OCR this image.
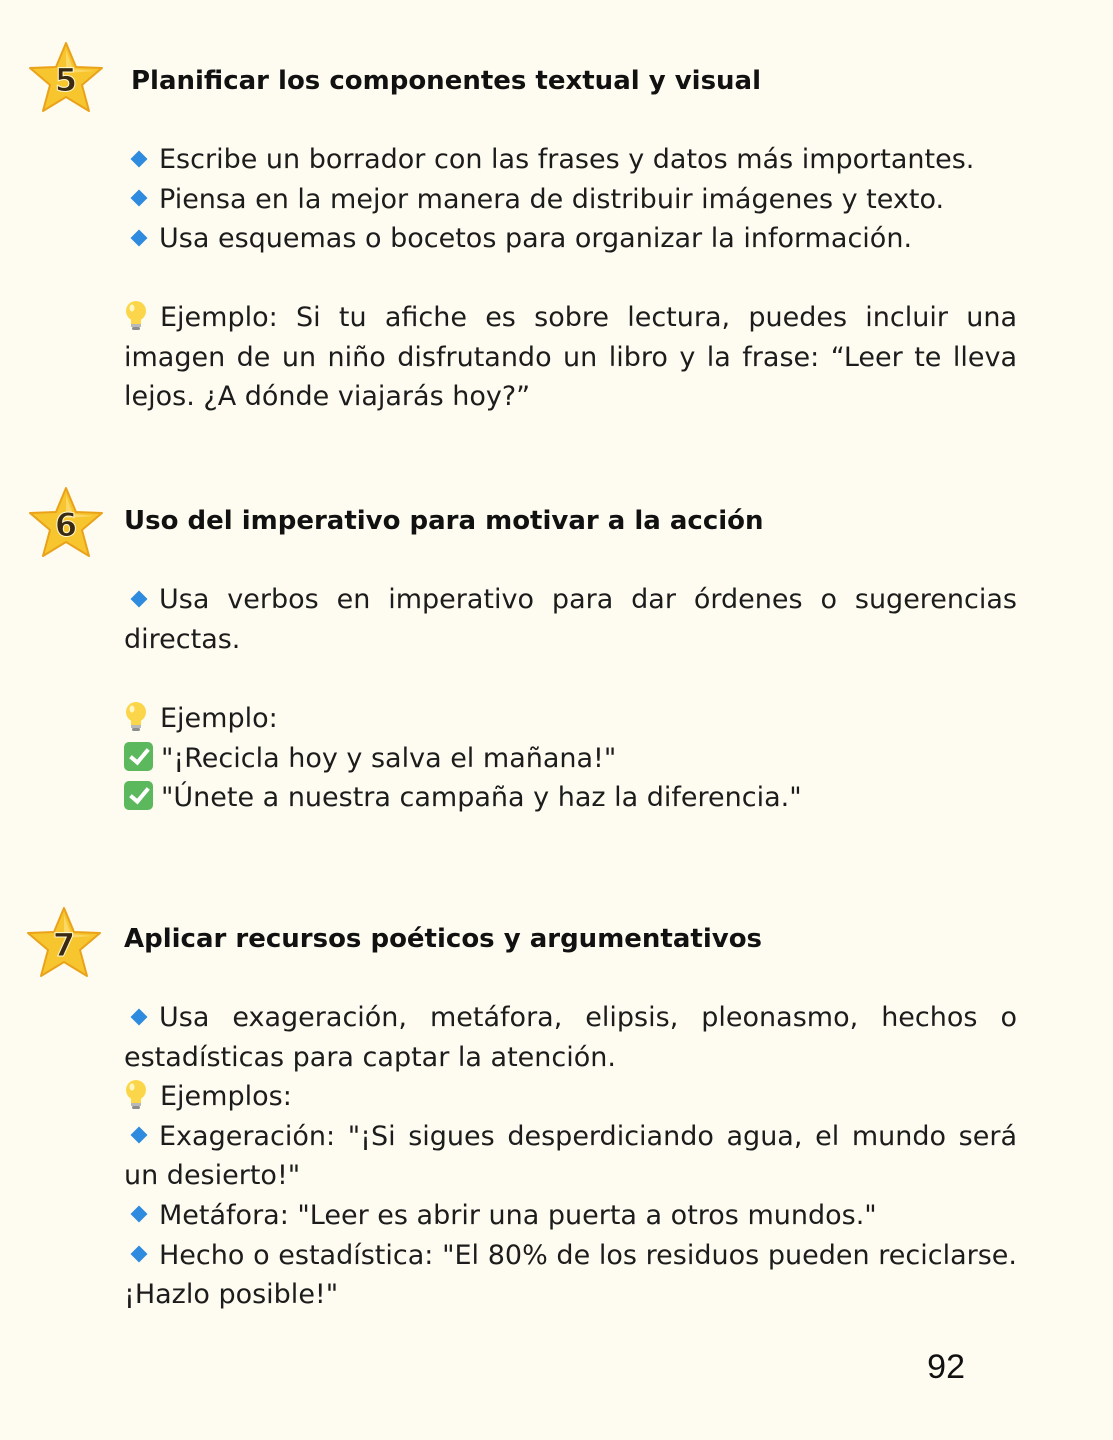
5 Planificar los componentes textual y visual

Escribe un borrador con las frases y datos más importantes.

Piensa en la mejor manera de distribuir imágenes y texto.

Usa esquemas o bocetos para organizar la información.

Ejemplo: Si tu afiche es sobre lectura, puedes incluir una imagen de un niño disfrutando un libro y la frase: “Leer te lleva lejos. ¿A dónde viajarás hoy?”

6 Uso del imperativo para motivar a la acción

Usa verbos en imperativo para dar órdenes o sugerencias directas.

Ejemplo:

"¡Recicla hoy y salva el mañana!"

"Únete a nuestra campaña y haz la diferencia."

7 Aplicar recursos poéticos y argumentativos

Usa exageración, metáfora, elipsis, pleonasmo, hechos o estadísticas para captar la atención.

Ejemplos:

Exageración: "¡Si sigues desperdiciando agua, el mundo será un desierto!"

Metáfora: "Leer es abrir una puerta a otros mundos."

Hecho o estadística: "El 80% de los residuos pueden reciclarse. ¡Hazlo posible!"

92
